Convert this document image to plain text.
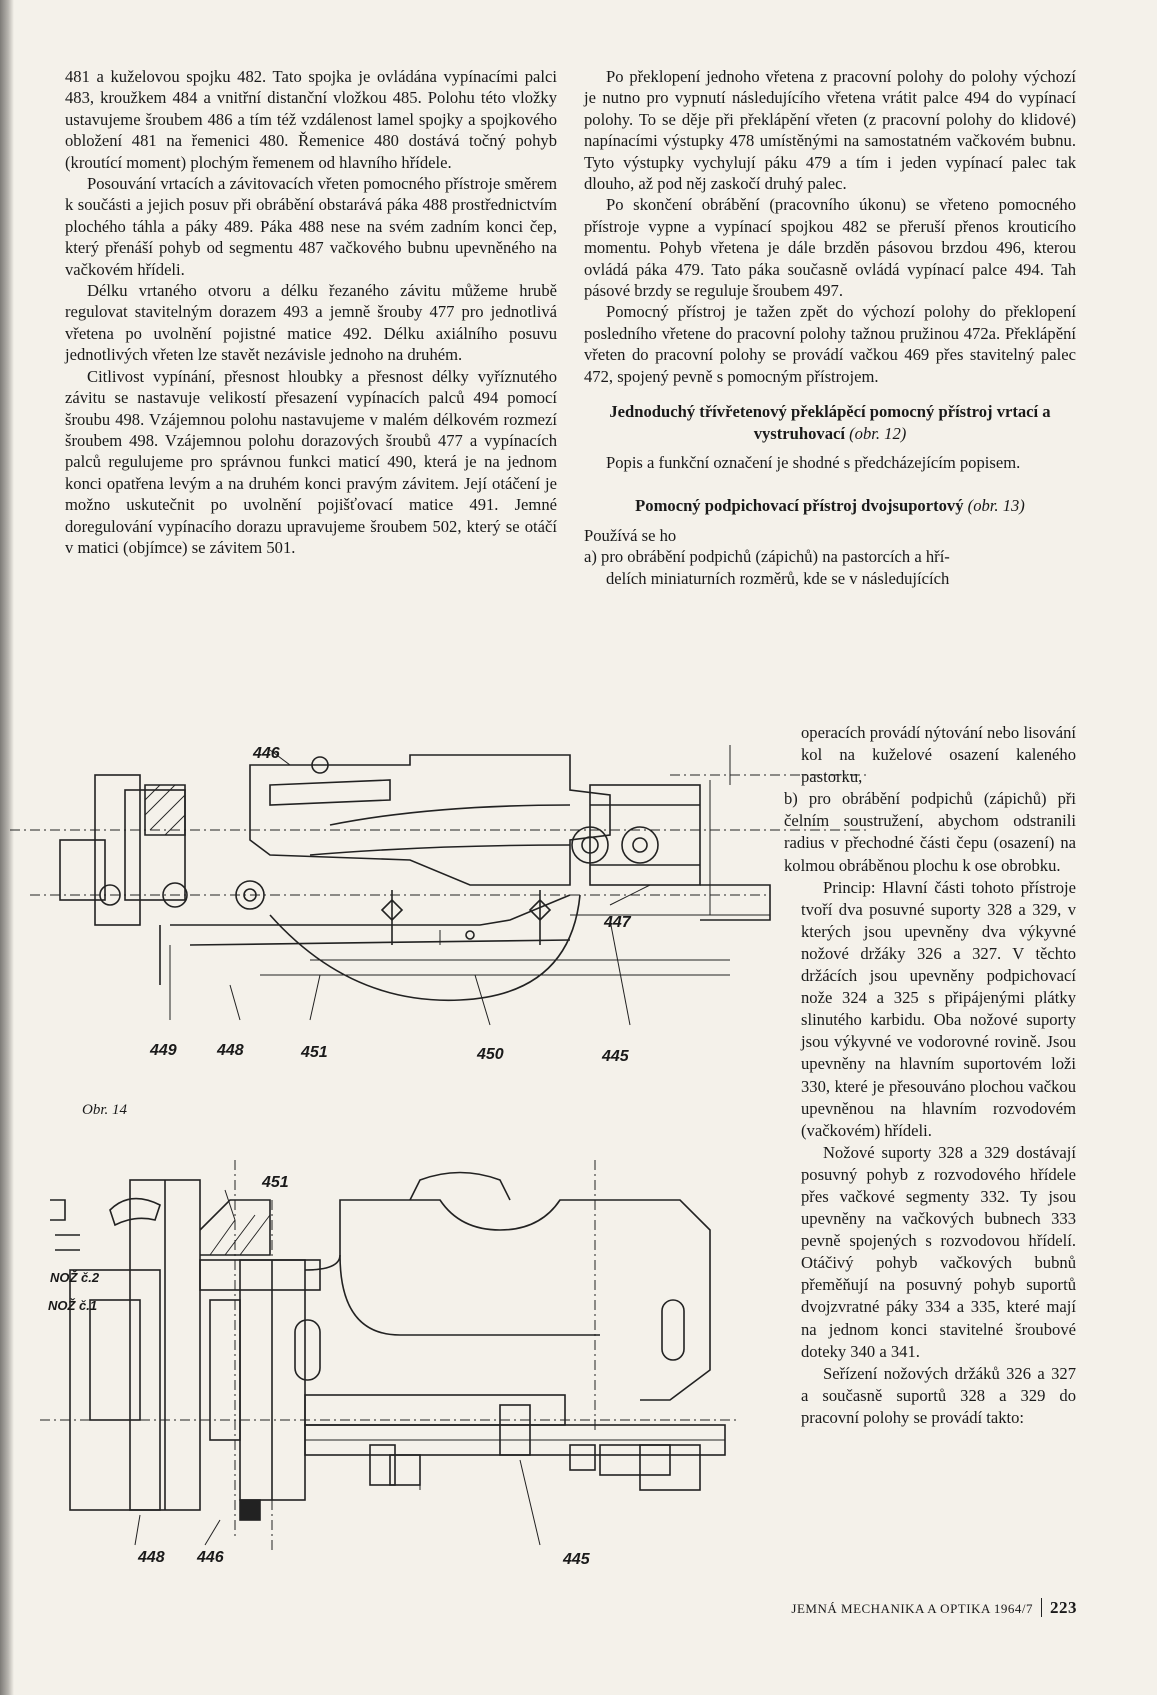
481 a kuželovou spojku 482. Tato spojka je ovládána vypínacími palci 483, kroužkem 484 a vnitřní distanční vložkou 485. Polohu této vložky ustavujeme šroubem 486 a tím též vzdálenost lamel spojky a spojkového obložení 481 na řemenici 480. Řemenice 480 dostává točný pohyb (kroutící moment) plochým řemenem od hlavního hřídele.

Posouvání vrtacích a závitovacích vřeten pomocného přístroje směrem k součásti a jejich posuv při obrábění obstarává páka 488 prostřednictvím plochého táhla a páky 489. Páka 488 nese na svém zadním konci čep, který přenáší pohyb od segmentu 487 vačkového bubnu upevněného na vačkovém hřídeli.

Délku vrtaného otvoru a délku řezaného závitu můžeme hrubě regulovat stavitelným dorazem 493 a jemně šrouby 477 pro jednotlivá vřetena po uvolnění pojistné matice 492. Délku axiálního posuvu jednotlivých vřeten lze stavět nezávisle jednoho na druhém.

Citlivost vypínání, přesnost hloubky a přesnost délky vyříznutého závitu se nastavuje velikostí přesazení vypínacích palců 494 pomocí šroubu 498. Vzájemnou polohu nastavujeme v malém délkovém rozmezí šroubem 498. Vzájemnou polohu dorazových šroubů 477 a vypínacích palců regulujeme pro správnou funkci maticí 490, která je na jednom konci opatřena levým a na druhém konci pravým závitem. Její otáčení je možno uskutečnit po uvolnění pojišťovací matice 491. Jemné doregulování vypínacího dorazu upravujeme šroubem 502, který se otáčí v matici (objímce) se závitem 501.

Po překlopení jednoho vřetena z pracovní polohy do polohy výchozí je nutno pro vypnutí následujícího vřetena vrátit palce 494 do vypínací polohy. To se děje při překlápění vřeten (z pracovní polohy do klidové) napínacími výstupky 478 umístěnými na samostatném vačkovém bubnu. Tyto výstupky vychylují páku 479 a tím i jeden vypínací palec tak dlouho, až pod něj zaskočí druhý palec.

Po skončení obrábění (pracovního úkonu) se vřeteno pomocného přístroje vypne a vypínací spojkou 482 se přeruší přenos krouticího momentu. Pohyb vřetena je dále brzděn pásovou brzdou 496, kterou ovládá páka 479. Tato páka současně ovládá vypínací palce 494. Tah pásové brzdy se reguluje šroubem 497.

Pomocný přístroj je tažen zpět do výchozí polohy do překlopení posledního vřetene do pracovní polohy tažnou pružinou 472a. Překlápění vřeten do pracovní polohy se provádí vačkou 469 přes stavitelný palec 472, spojený pevně s pomocným přístrojem.

Jednoduchý třívřetenový překlápěcí pomocný přístroj vrtací a vystruhovací (obr. 12)

Popis a funkční označení je shodné s předcházejícím popisem.

Pomocný podpichovací přístroj dvojsuportový (obr. 13)

Používá se ho

a) pro obrábění podpichů (zápichů) na pastorcích a hří-

delích miniaturních rozměrů, kde se v následujících

operacích provádí nýtování nebo lisování kol na kuželové osazení kaleného pastorku,

b) pro obrábění podpichů (zápichů) při čelním soustružení, abychom odstranili radius v přechodné části čepu (osazení) na kolmou obráběnou plochu k ose obrobku.

Princip: Hlavní části tohoto přístroje tvoří dva posuvné suporty 328 a 329, v kterých jsou upevněny dva výkyvné nožové držáky 326 a 327. V těchto držácích jsou upevněny podpichovací nože 324 a 325 s připájenými plátky slinutého karbidu. Oba nožové suporty jsou výkyvné ve vodorovné rovině. Jsou upevněny na hlavním suportovém loži 330, které je přesouváno plochou vačkou upevněnou na hlavním rozvodovém (vačkovém) hřídeli.

Nožové suporty 328 a 329 dostávají posuvný pohyb z rozvodového hřídele přes vačkové segmenty 332. Ty jsou upevněny na vačkových bubnech 333 pevně spojených s rozvodovou hřídelí. Otáčivý pohyb vačkových bubnů přeměňují na posuvný pohyb suportů dvojzvratné páky 334 a 335, které mají na jednom konci stavitelné šroubové doteky 340 a 341.

Seřízení nožových držáků 326 a 327 a současně suportů 328 a 329 do pracovní polohy se provádí takto:

446
447
449	448	451	450	445
Obr. 14
451
NOŽ č.2
NOŽ č.1
448 446	445
JEMNÁ MECHANIKA A OPTIKA 1964/7 223
